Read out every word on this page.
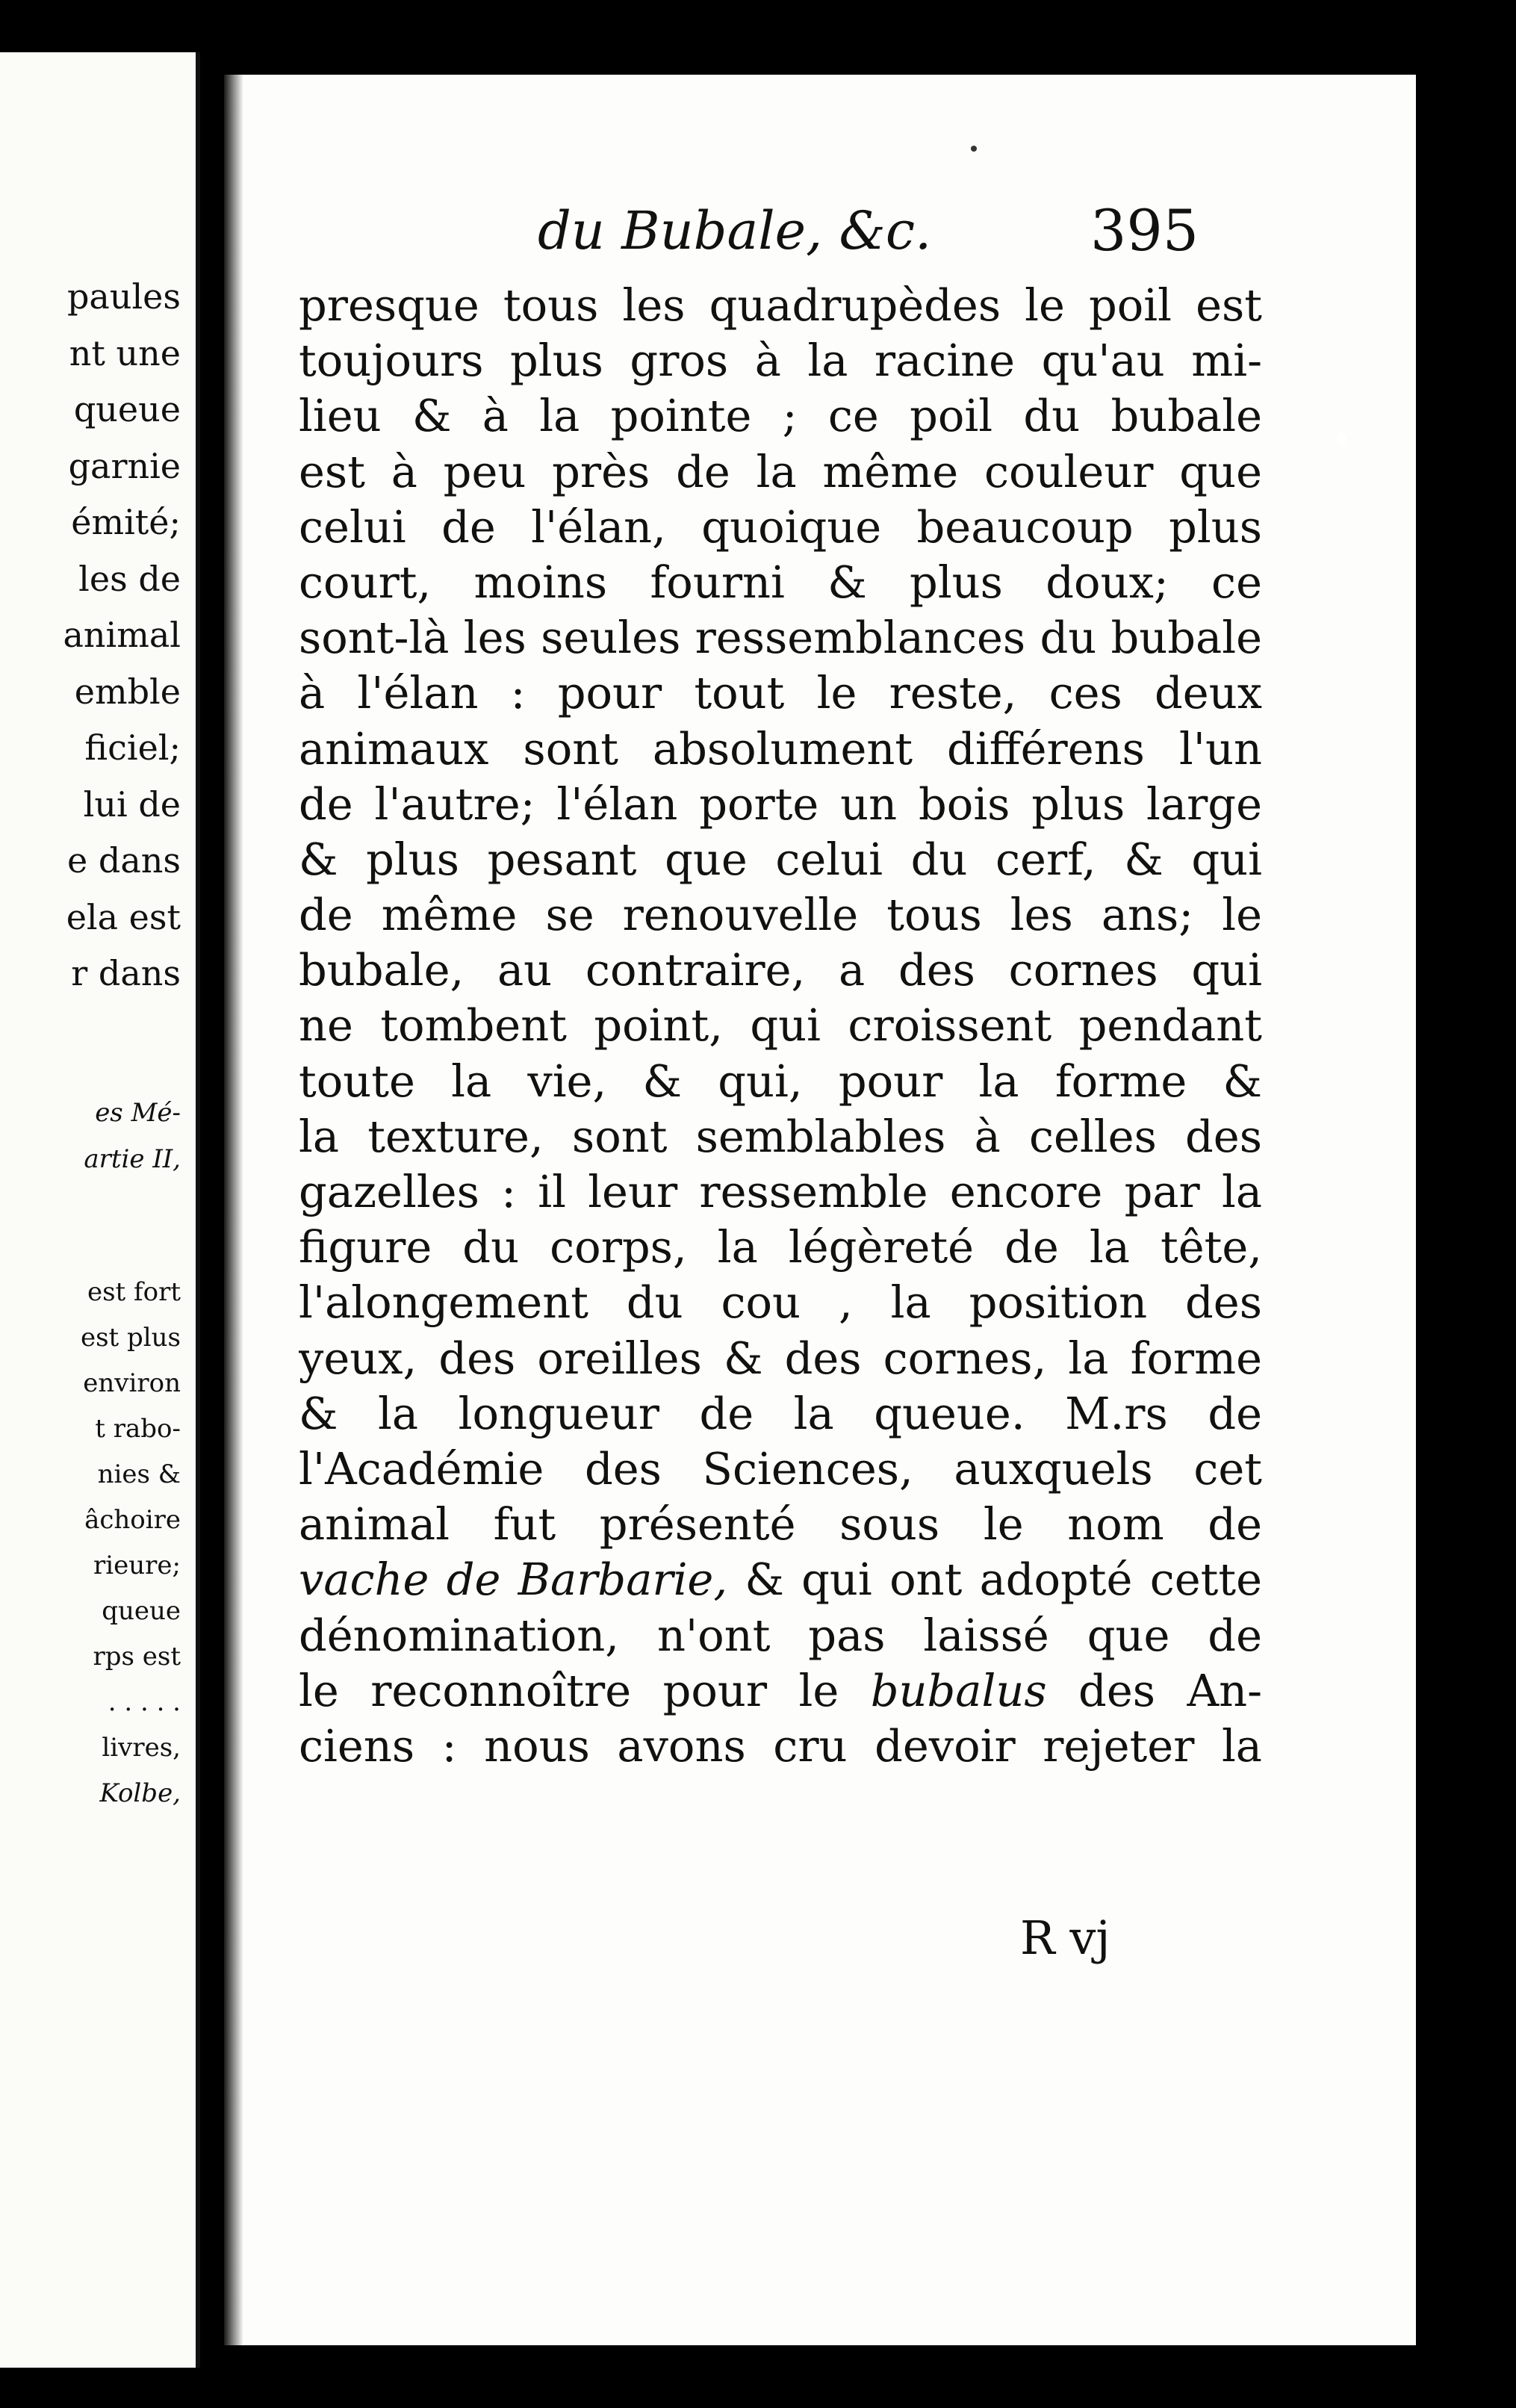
paules
nt une
queue
garnie
émité;
les de
animal
emble
ficiel;
lui de
e dans
ela est
r dans
es Mé-
artie II,
est fort
est plus
environ
t rabo-
nies &
âchoire
rieure;
queue
rps est
. . . . .
livres,
Kolbe,
du Bubale, &c.	395
presque tous les quadrupèdes le poil est
toujours plus gros à la racine qu'au mi-
lieu & à la pointe ; ce poil du bubale
est à peu près de la même couleur que
celui de l'élan, quoique beaucoup plus
court, moins fourni & plus doux; ce
sont-là les seules ressemblances du bubale
à l'élan : pour tout le reste, ces deux
animaux sont absolument différens l'un
de l'autre; l'élan porte un bois plus large
& plus pesant que celui du cerf, & qui
de même se renouvelle tous les ans; le
bubale, au contraire, a des cornes qui
ne tombent point, qui croissent pendant
toute la vie, & qui, pour la forme &
la texture, sont semblables à celles des
gazelles : il leur ressemble encore par la
figure du corps, la légèreté de la tête,
l'alongement du cou , la position des
yeux, des oreilles & des cornes, la forme
& la longueur de la queue. M.rs de
l'Académie des Sciences, auxquels cet
animal fut présenté sous le nom de
vache de Barbarie, & qui ont adopté cette
dénomination, n'ont pas laissé que de
le reconnoître pour le bubalus des An-
ciens : nous avons cru devoir rejeter la
R vj
